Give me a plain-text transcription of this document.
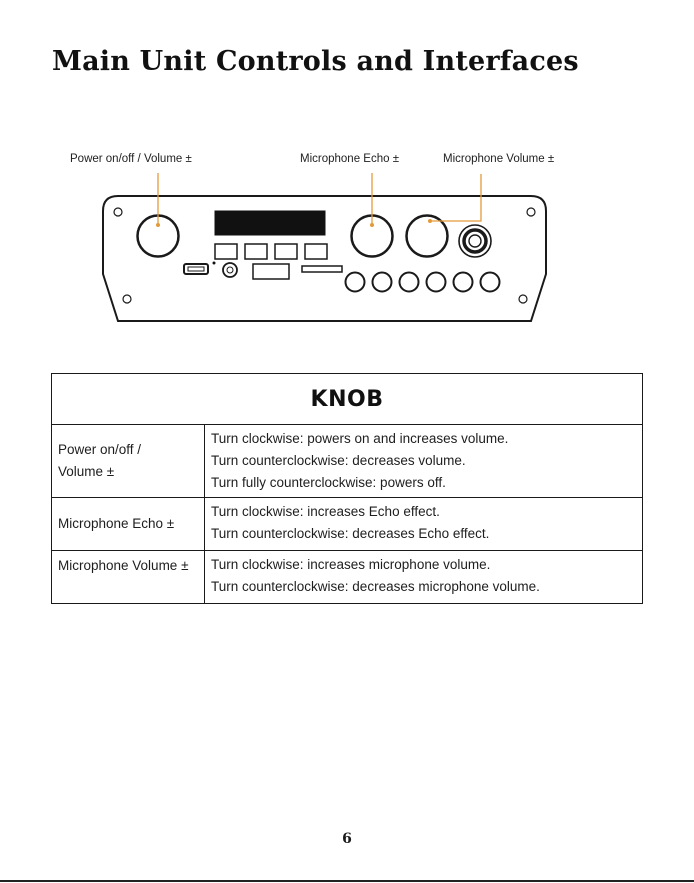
Main Unit Controls and Interfaces
Power on/off / Volume ±	Microphone Echo ±	Microphone Volume ±
KNOB	

Power on/off / Volume ±	Turn clockwise: powers on and increases volume.
Turn counterclockwise: decreases volume.
Turn fully counterclockwise: powers off.

Microphone Echo ±	Turn clockwise: increases Echo effect.
Turn counterclockwise: decreases Echo effect.

Microphone Volume ±	Turn clockwise: increases microphone volume.
Turn counterclockwise: decreases microphone volume.
6
